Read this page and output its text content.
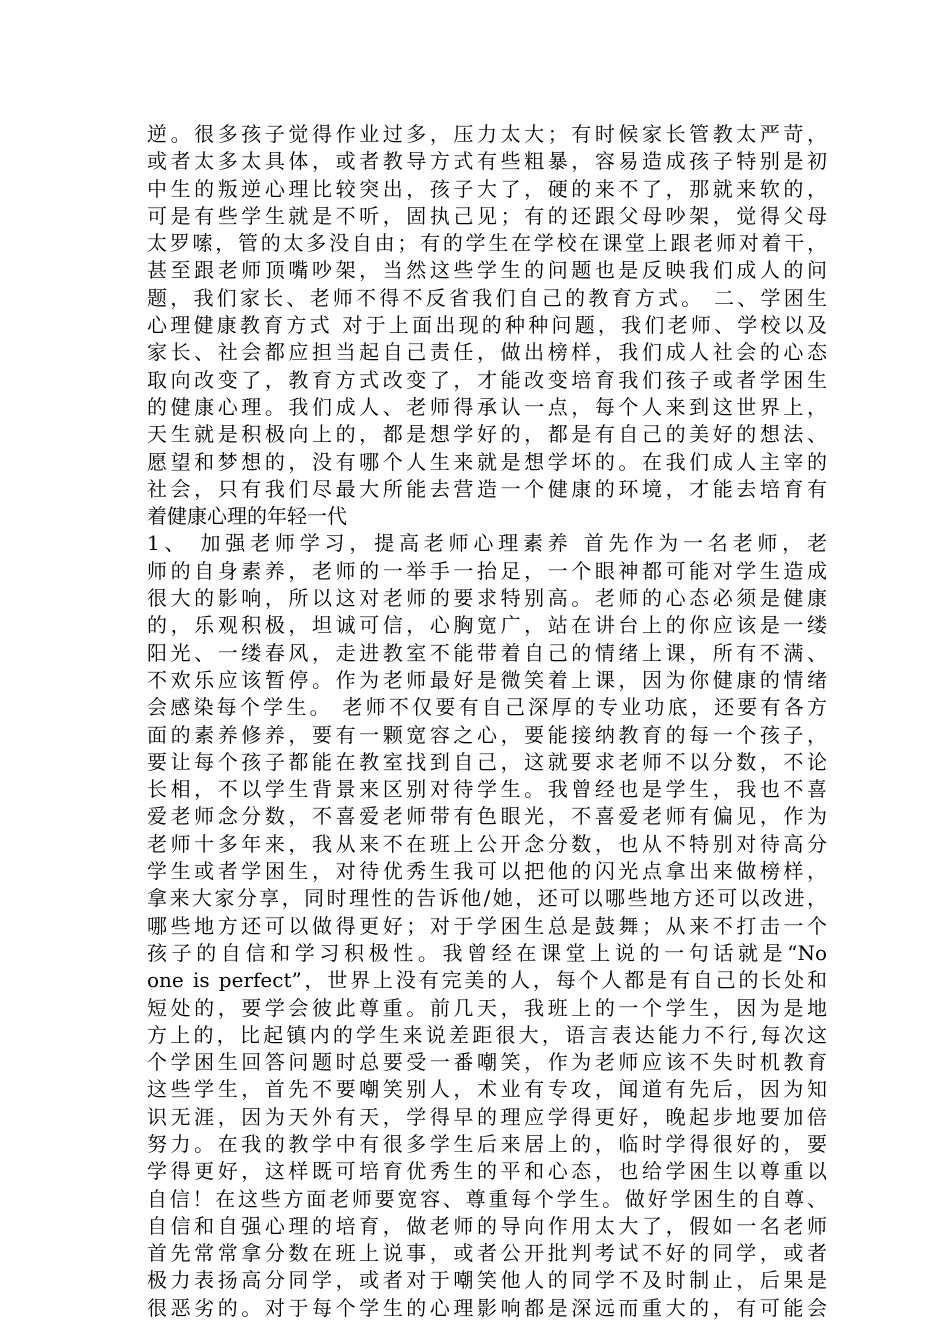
逆。很多孩子觉得作业过多，压力太大；有时候家长管教太严苛，
或者太多太具体，或者教导方式有些粗暴，容易造成孩子特别是初
中生的叛逆心理比较突出，孩子大了，硬的来不了，那就来软的，
可是有些学生就是不听，固执己见；有的还跟父母吵架，觉得父母
太罗嗦，管的太多没自由；有的学生在学校在课堂上跟老师对着干，
甚至跟老师顶嘴吵架，当然这些学生的问题也是反映我们成人的问
题，我们家长、老师不得不反省我们自己的教育方式。 二、学困生
心理健康教育方式 对于上面出现的种种问题，我们老师、学校以及
家长、社会都应担当起自己责任，做出榜样，我们成人社会的心态
取向改变了，教育方式改变了，才能改变培育我们孩子或者学困生
的健康心理。我们成人、老师得承认一点，每个人来到这世界上，
天生就是积极向上的，都是想学好的，都是有自己的美好的想法、
愿望和梦想的，没有哪个人生来就是想学坏的。在我们成人主宰的
社会，只有我们尽最大所能去营造一个健康的环境，才能去培育有
着健康心理的年轻一代
1、 加强老师学习，提高老师心理素养 首先作为一名老师，老
师的自身素养，老师的一举手一抬足，一个眼神都可能对学生造成
很大的影响，所以这对老师的要求特别高。老师的心态必须是健康
的，乐观积极，坦诚可信，心胸宽广，站在讲台上的你应该是一缕
阳光、一缕春风，走进教室不能带着自己的情绪上课，所有不满、
不欢乐应该暂停。作为老师最好是微笑着上课，因为你健康的情绪
会感染每个学生。 老师不仅要有自己深厚的专业功底，还要有各方
面的素养修养，要有一颗宽容之心，要能接纳教育的每一个孩子，
要让每个孩子都能在教室找到自己，这就要求老师不以分数，不论
长相，不以学生背景来区别对待学生。我曾经也是学生，我也不喜
爱老师念分数，不喜爱老师带有色眼光，不喜爱老师有偏见，作为
老师十多年来，我从来不在班上公开念分数，也从不特别对待高分
学生或者学困生，对待优秀生我可以把他的闪光点拿出来做榜样，
拿来大家分享，同时理性的告诉他/她，还可以哪些地方还可以改进，
哪些地方还可以做得更好；对于学困生总是鼓舞；从来不打击一个
孩子的自信和学习积极性。我曾经在课堂上说的一句话就是“No
one is perfect”，世界上没有完美的人，每个人都是有自己的长处和
短处的，要学会彼此尊重。前几天，我班上的一个学生，因为是地
方上的，比起镇内的学生来说差距很大，语言表达能力不行,每次这
个学困生回答问题时总要受一番嘲笑，作为老师应该不失时机教育
这些学生，首先不要嘲笑别人，术业有专攻，闻道有先后，因为知
识无涯，因为天外有天，学得早的理应学得更好，晚起步地要加倍
努力。在我的教学中有很多学生后来居上的，临时学得很好的，要
学得更好，这样既可培育优秀生的平和心态，也给学困生以尊重以
自信！在这些方面老师要宽容、尊重每个学生。做好学困生的自尊、
自信和自强心理的培育，做老师的导向作用太大了，假如一名老师
首先常常拿分数在班上说事，或者公开批判考试不好的同学，或者
极力表扬高分同学，或者对于嘲笑他人的同学不及时制止，后果是
很恶劣的。对于每个学生的心理影响都是深远而重大的，有可能会
